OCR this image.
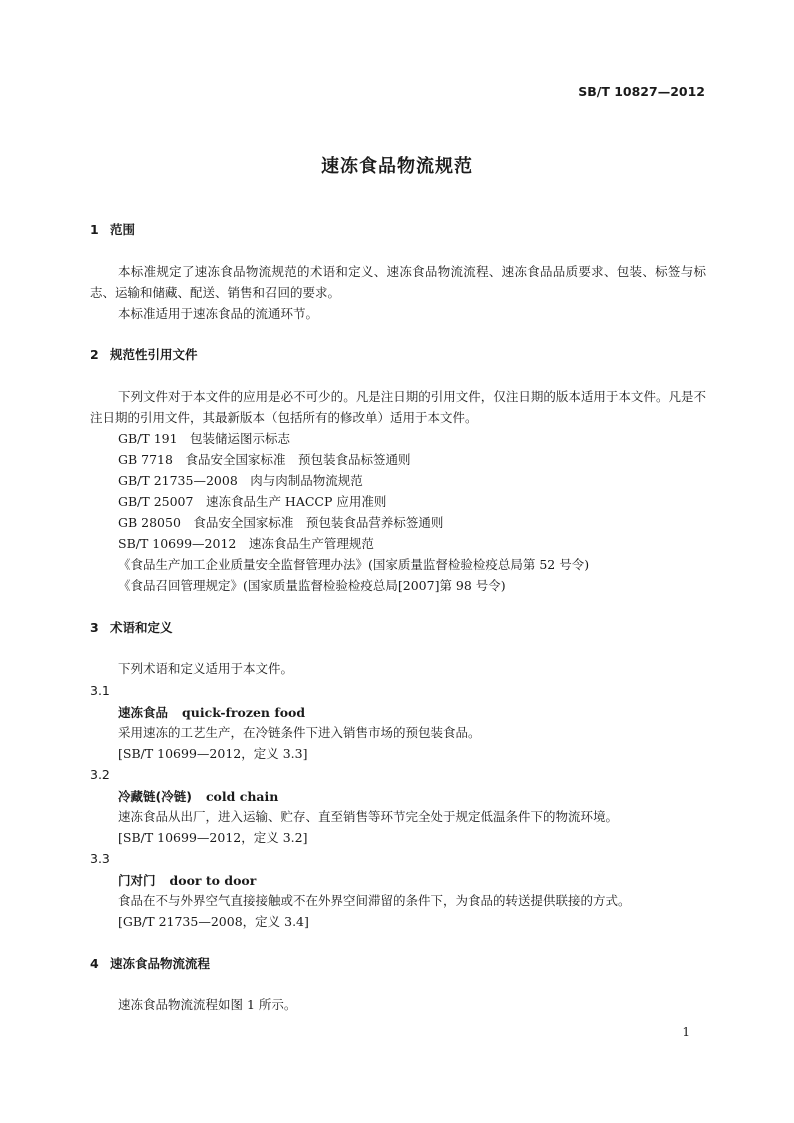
SB/T 10827—2012
速冻食品物流规范
1 范围
本标准规定了速冻食品物流规范的术语和定义、速冻食品物流流程、速冻食品品质要求、包装、标签与标志、运输和储藏、配送、销售和召回的要求。
本标准适用于速冻食品的流通环节。
2 规范性引用文件
下列文件对于本文件的应用是必不可少的。凡是注日期的引用文件，仅注日期的版本适用于本文件。凡是不注日期的引用文件，其最新版本（包括所有的修改单）适用于本文件。
GB/T 191　包装储运图示标志
GB 7718　食品安全国家标准　预包装食品标签通则
GB/T 21735—2008　肉与肉制品物流规范
GB/T 25007　速冻食品生产 HACCP 应用准则
GB 28050　食品安全国家标准　预包装食品营养标签通则
SB/T 10699—2012　速冻食品生产管理规范
《食品生产加工企业质量安全监督管理办法》(国家质量监督检验检疫总局第 52 号令)
《食品召回管理规定》(国家质量监督检验检疫总局[2007]第 98 号令)
3 术语和定义
下列术语和定义适用于本文件。
3.1
速冻食品 quick-frozen food
采用速冻的工艺生产，在冷链条件下进入销售市场的预包装食品。
[SB/T 10699—2012，定义 3.3]
3.2
冷藏链(冷链) cold chain
速冻食品从出厂，进入运输、贮存、直至销售等环节完全处于规定低温条件下的物流环境。
[SB/T 10699—2012，定义 3.2]
3.3
门对门 door to door
食品在不与外界空气直接接触或不在外界空间滞留的条件下，为食品的转送提供联接的方式。
[GB/T 21735—2008，定义 3.4]
4 速冻食品物流流程
速冻食品物流流程如图 1 所示。
1
